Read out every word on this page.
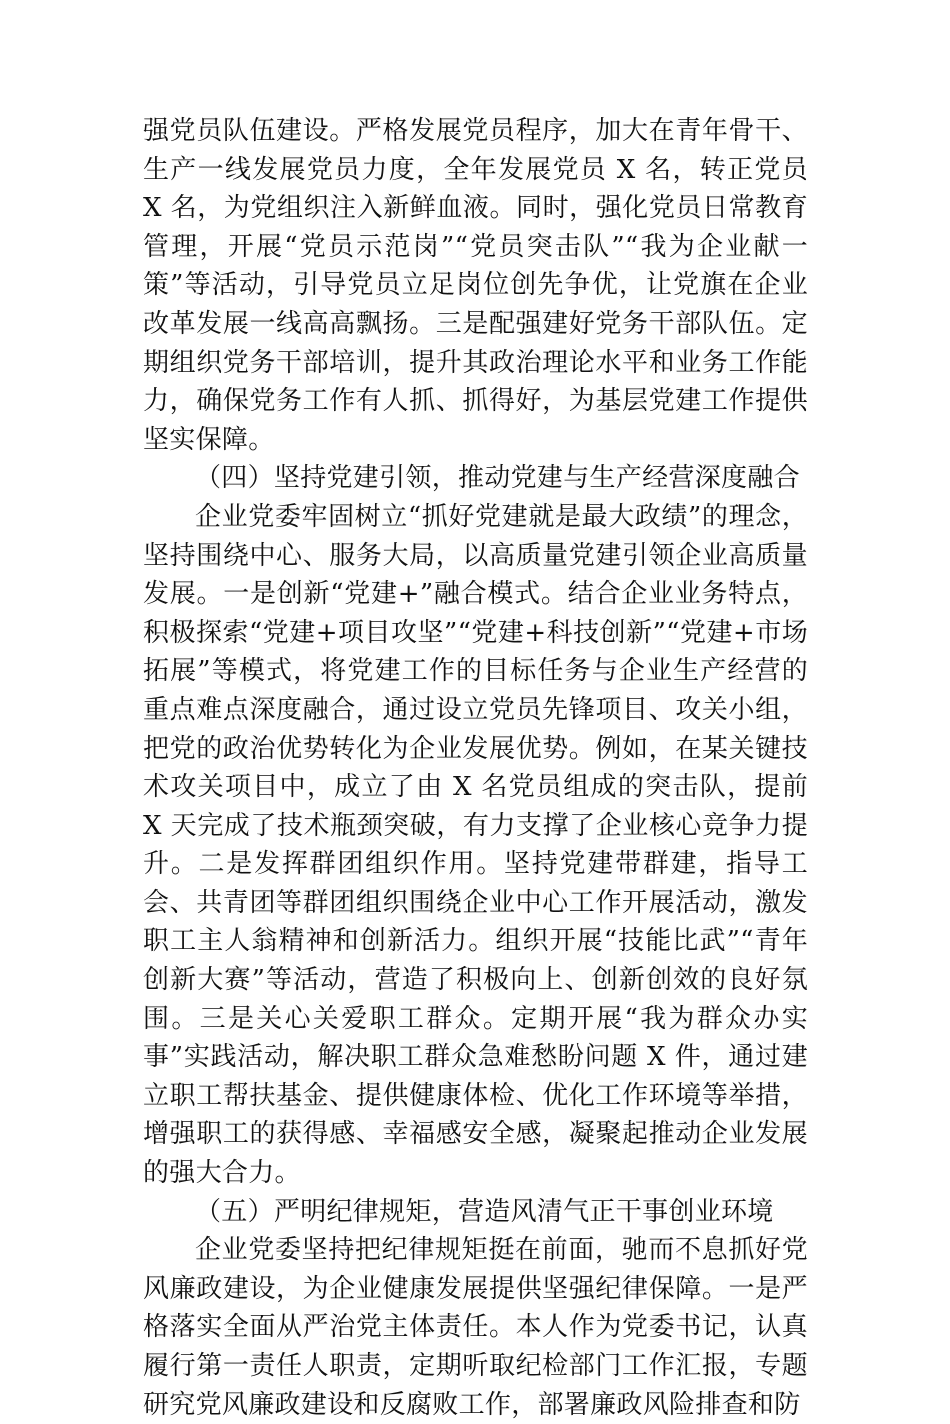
强党员队伍建设。严格发展党员程序，加大在青年骨干、生产一线发展党员力度，全年发展党员 X 名，转正党员 X 名，为党组织注入新鲜血液。同时，强化党员日常教育管理，开展“党员示范岗”“党员突击队”“我为企业献一策”等活动，引导党员立足岗位创先争优，让党旗在企业改革发展一线高高飘扬。三是配强建好党务干部队伍。定期组织党务干部培训，提升其政治理论水平和业务工作能力，确保党务工作有人抓、抓得好，为基层党建工作提供坚实保障。

（四）坚持党建引领，推动党建与生产经营深度融合

企业党委牢固树立“抓好党建就是最大政绩”的理念，坚持围绕中心、服务大局，以高质量党建引领企业高质量发展。一是创新“党建+”融合模式。结合企业业务特点，积极探索“党建+项目攻坚”“党建+科技创新”“党建+市场拓展”等模式，将党建工作的目标任务与企业生产经营的重点难点深度融合，通过设立党员先锋项目、攻关小组，把党的政治优势转化为企业发展优势。例如，在某关键技术攻关项目中，成立了由 X 名党员组成的突击队，提前 X 天完成了技术瓶颈突破，有力支撑了企业核心竞争力提升。二是发挥群团组织作用。坚持党建带群建，指导工会、共青团等群团组织围绕企业中心工作开展活动，激发职工主人翁精神和创新活力。组织开展“技能比武”“青年创新大赛”等活动，营造了积极向上、创新创效的良好氛围。三是关心关爱职工群众。定期开展“我为群众办实事”实践活动，解决职工群众急难愁盼问题 X 件，通过建立职工帮扶基金、提供健康体检、优化工作环境等举措，增强职工的获得感、幸福感安全感，凝聚起推动企业发展的强大合力。

（五）严明纪律规矩，营造风清气正干事创业环境

企业党委坚持把纪律规矩挺在前面，驰而不息抓好党风廉政建设，为企业健康发展提供坚强纪律保障。一是严格落实全面从严治党主体责任。本人作为党委书记，认真履行第一责任人职责，定期听取纪检部门工作汇报，专题研究党风廉政建设和反腐败工作，部署廉政风险排查和防
